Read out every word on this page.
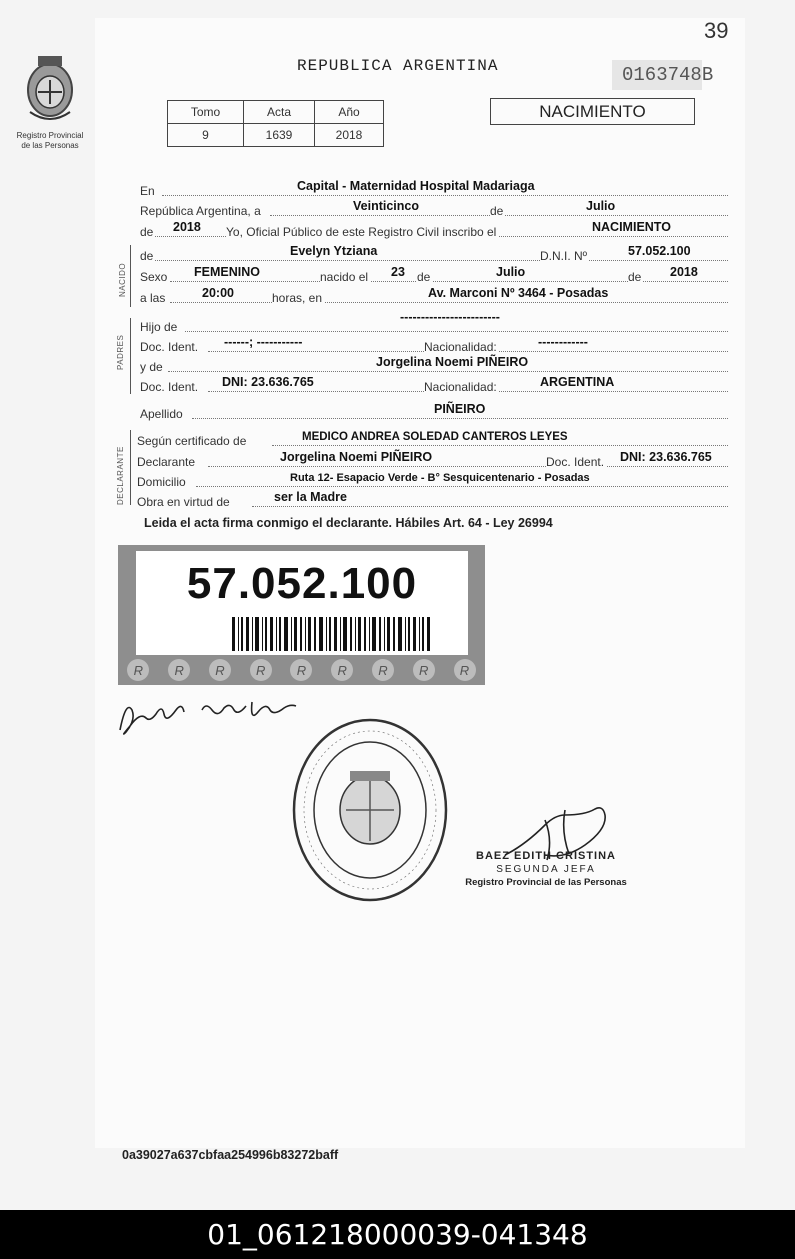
39
Registro Provincial
de las Personas
REPUBLICA ARGENTINA	0163748B
Tomo	Acta	Año
9	1639	2018
NACIMIENTO
En	Capital - Maternidad Hospital Madariaga
República Argentina, a	Veinticinco	de	Julio
de 2018 Yo, Oficial Público de este Registro Civil inscribo el	NACIMIENTO
NACIDO
de	Evelyn Ytziana	D.N.I. Nº	57.052.100
Sexo FEMENINO	nacido el 23 de	Julio	de 2018
a las	20:00	horas, en	Av. Marconi Nº 3464 - Posadas
PADRES
Hijo de
------------------------
Doc. Ident. ------; -----------	Nacionalidad:	------------
y de	Jorgelina Noemi PIÑEIRO
Doc. Ident. DNI: 23.636.765	Nacionalidad:	ARGENTINA
Apellido	PIÑEIRO
DECLARANTE
Según certificado de	MEDICO ANDREA SOLEDAD CANTEROS LEYES
Declarante	Jorgelina Noemi PIÑEIRO	Doc. Ident. DNI: 23.636.765
Domicilio	Ruta 12- Esapacio Verde - B° Sesquicentenario - Posadas
Obra en virtud de	ser la Madre
Leida el acta firma conmigo el declarante. Hábiles Art. 64 - Ley 26994
57.052.100
R	R	R	R	R	R	R	R	R
BAEZ EDITH CRISTINA
SEGUNDA JEFA
Registro Provincial de las Personas
0a39027a637cbfaa254996b83272baff
01_061218000039-041348
